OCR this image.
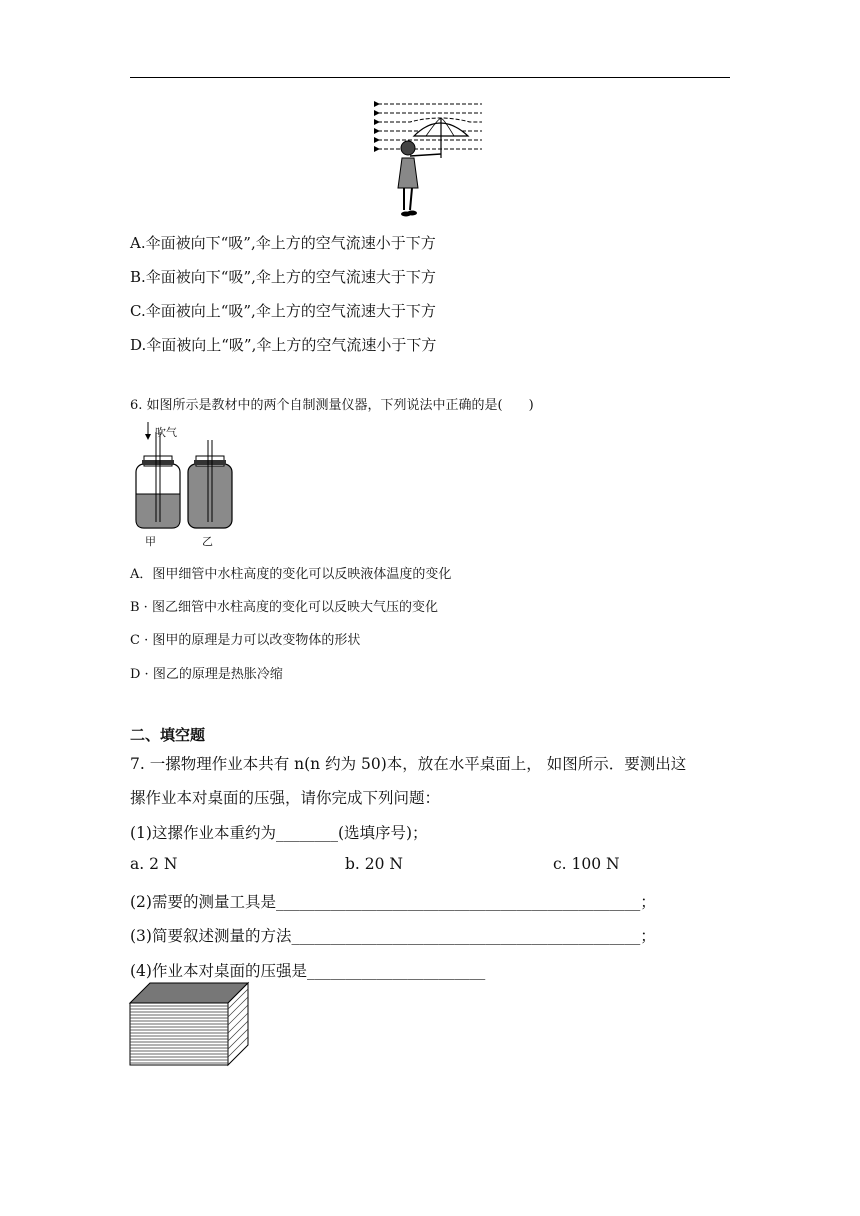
A.伞面被向下“吸”,伞上方的空气流速小于下方
B.伞面被向下“吸”,伞上方的空气流速大于下方
C.伞面被向上“吸”,伞上方的空气流速大于下方
D.伞面被向上“吸”,伞上方的空气流速小于下方
6. 如图所示是教材中的两个自制测量仪器，下列说法中正确的是(　　)
吹气
甲	乙
A．图甲细管中水柱高度的变化可以反映液体温度的变化
B · 图乙细管中水柱高度的变化可以反映大气压的变化
C · 图甲的原理是力可以改变物体的形状
D · 图乙的原理是热胀冷缩
二、填空题
7. 一摞物理作业本共有 n(n 约为 50)本，放在水平桌面上， 如图所示．要测出这
摞作业本对桌面的压强，请你完成下列问题：
(1)这摞作业本重约为________(选填序号)；
a. 2 N	b. 20 N	c. 100 N
(2)需要的测量工具是_______________________________________________；
(3)简要叙述测量的方法_____________________________________________；
(4)作业本对桌面的压强是_______________________
